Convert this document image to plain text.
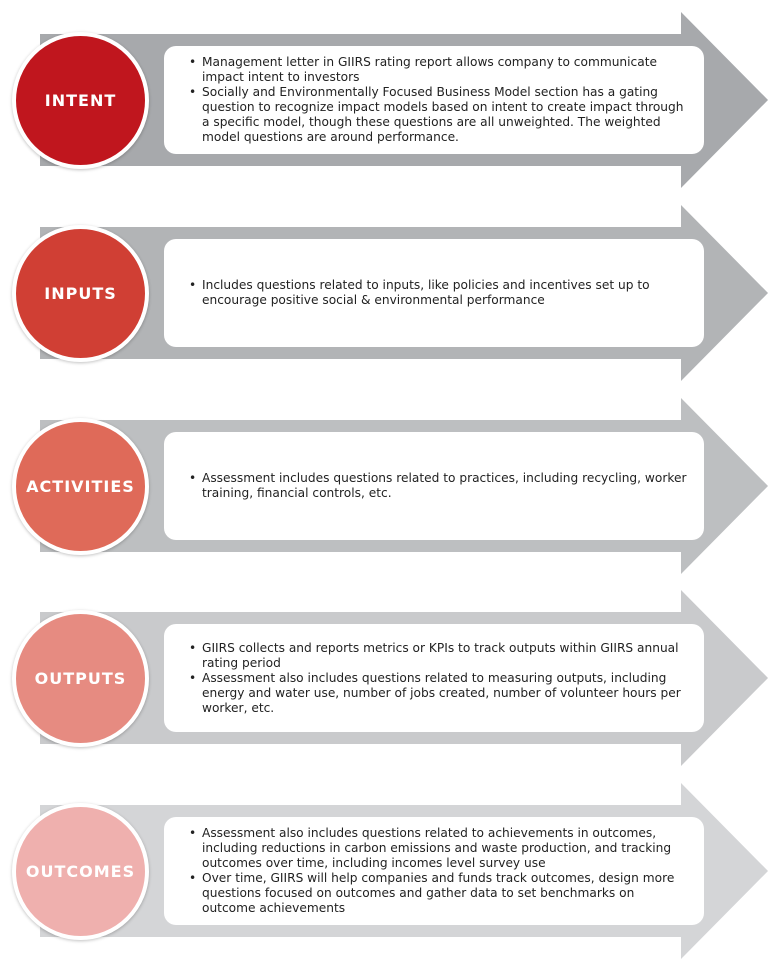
• Management letter in GIIRS rating report allows company to communicate impact intent to investors
• Socially and Environmentally Focused Business Model section has a gating question to recognize impact models based on intent to create impact through a specific model, though these questions are all unweighted. The weighted model questions are around performance.
INTENT
• Includes questions related to inputs, like policies and incentives set up to encourage positive social & environmental performance
INPUTS
• Assessment includes questions related to practices, including recycling, worker training, financial controls, etc.
ACTIVITIES
• GIIRS collects and reports metrics or KPIs to track outputs within GIIRS annual rating period
• Assessment also includes questions related to measuring outputs, including energy and water use, number of jobs created, number of volunteer hours per worker, etc.
OUTPUTS
• Assessment also includes questions related to achievements in outcomes, including reductions in carbon emissions and waste production, and tracking outcomes over time, including incomes level survey use
• Over time, GIIRS will help companies and funds track outcomes, design more questions focused on outcomes and gather data to set benchmarks on outcome achievements
OUTCOMES
